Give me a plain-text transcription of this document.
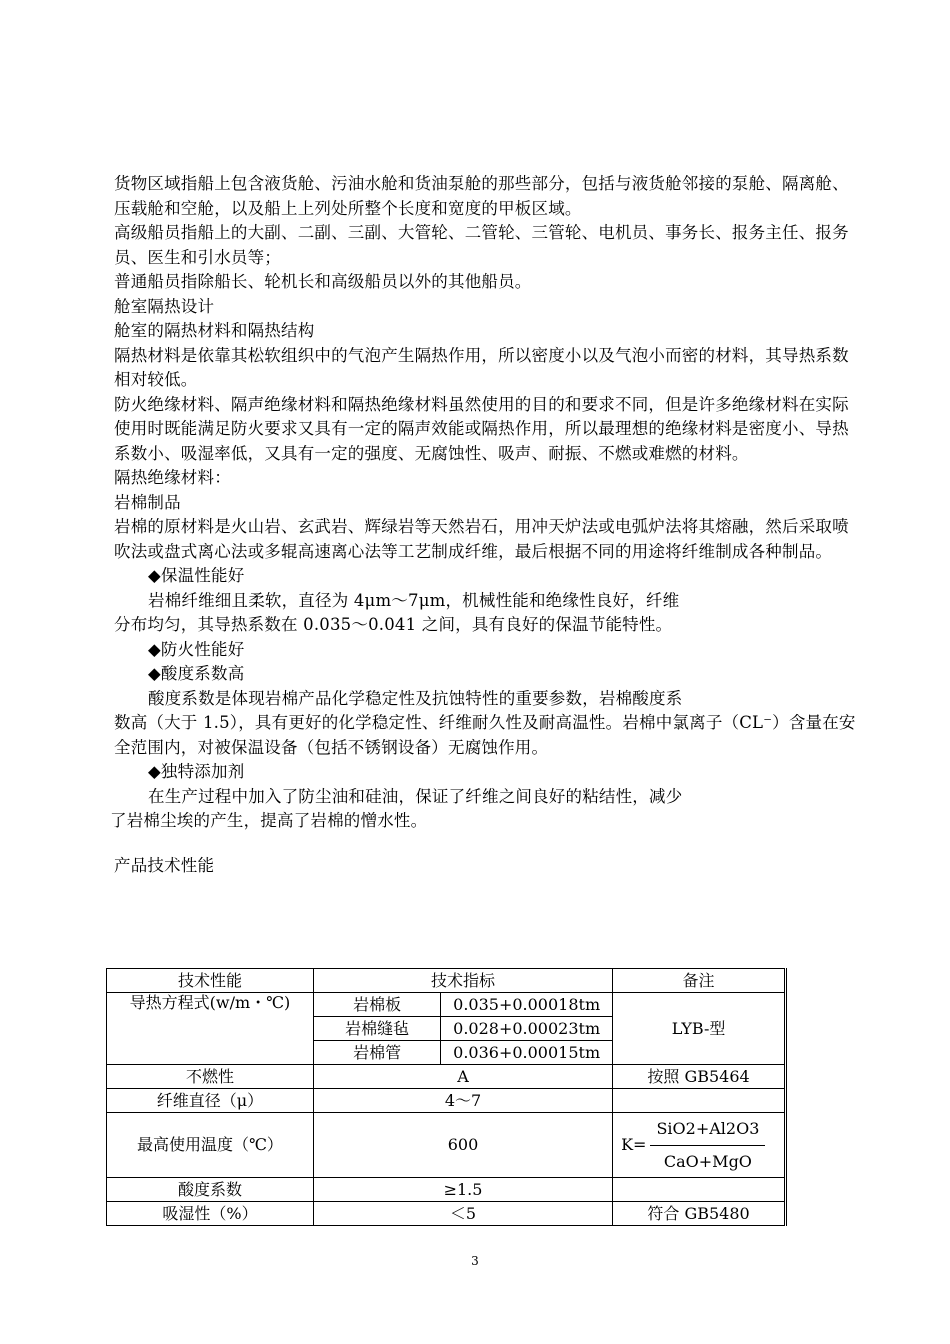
货物区域指船上包含液货舱、污油水舱和货油泵舱的那些部分，包括与液货舱邻接的泵舱、隔离舱、压载舱和空舱，以及船上上列处所整个长度和宽度的甲板区域。

高级船员指船上的大副、二副、三副、大管轮、二管轮、三管轮、电机员、事务长、报务主任、报务员、医生和引水员等；

普通船员指除船长、轮机长和高级船员以外的其他船员。

舱室隔热设计

舱室的隔热材料和隔热结构

隔热材料是依靠其松软组织中的气泡产生隔热作用，所以密度小以及气泡小而密的材料，其导热系数相对较低。

防火绝缘材料、隔声绝缘材料和隔热绝缘材料虽然使用的目的和要求不同，但是许多绝缘材料在实际使用时既能满足防火要求又具有一定的隔声效能或隔热作用，所以最理想的绝缘材料是密度小、导热系数小、吸湿率低，又具有一定的强度、无腐蚀性、吸声、耐振、不燃或难燃的材料。

隔热绝缘材料：

岩棉制品

岩棉的原材料是火山岩、玄武岩、辉绿岩等天然岩石，用冲天炉法或电弧炉法将其熔融，然后采取喷吹法或盘式离心法或多辊高速离心法等工艺制成纤维，最后根据不同的用途将纤维制成各种制品。

◆保温性能好

岩棉纤维细且柔软，直径为 4μm～7μm，机械性能和绝缘性良好，纤维

分布均匀，其导热系数在 0.035～0.041 之间，具有良好的保温节能特性。

◆防火性能好

◆酸度系数高

酸度系数是体现岩棉产品化学稳定性及抗蚀特性的重要参数，岩棉酸度系

数高（大于 1.5），具有更好的化学稳定性、纤维耐久性及耐高温性。岩棉中氯离子（CL⁻）含量在安全范围内，对被保温设备（包括不锈钢设备）无腐蚀作用。

◆独特添加剂

在生产过程中加入了防尘油和硅油，保证了纤维之间良好的粘结性，减少

了岩棉尘埃的产生，提高了岩棉的憎水性。

产品技术性能

技术性能	技术指标		备注
导热方程式(w/m・℃)	岩棉板	0.035+0.00018tm	LYB-型
	岩棉缝毡	0.028+0.00023tm	
	岩棉管	0.036+0.00015tm	
不燃性	A		按照 GB5464
纤维直径（μ）	4～7		
最高使用温度（℃）	600		$K= \frac{\text{SiO2+Al2O3}}{\text{CaO+MgO}}$

酸度系数	≥1.5		
吸湿性（%）	＜5		符合 GB5480
3
